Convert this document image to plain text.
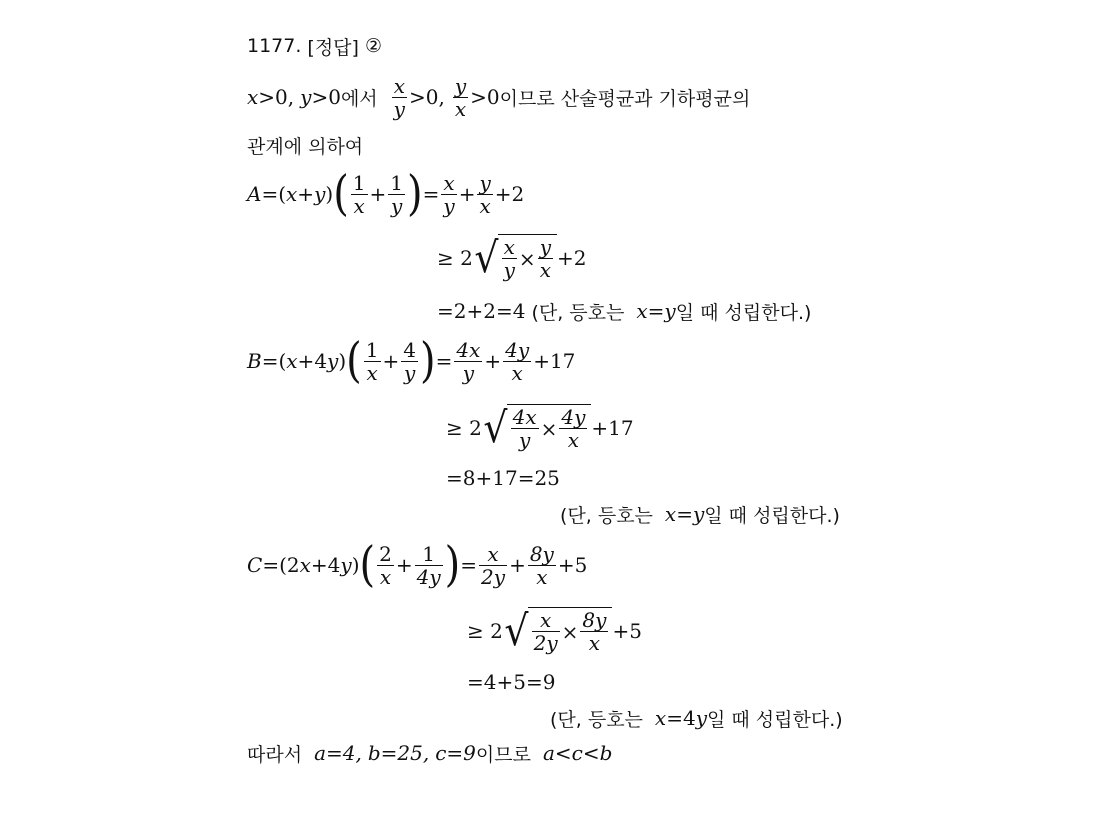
1177. [정답] ②
x > 0, y > 0 에서 $\frac{x}{y} > 0$, $\frac{y}{x} > 0$ 이므로 산술평균과 기하평균의
관계에 의하여
A =( x + y ) ( $\frac{1}{x} + \frac{1}{y}$ ) = $\frac{x}{y} + \frac{y}{x} +2$
≥ 2 √ $\frac{x}{y} \times \frac{y}{x} +2$
=2+2=4 (단, 등호는 x = y 일 때 성립한다.)
B =( x + 4 y ) ( $\frac{1}{x} + \frac{4}{y}$ ) = $\frac{4x}{y} + \frac{4y}{x} +17$
≥ 2 √ $\frac{4x}{y} \times \frac{4y}{x} +17$
=8+17=25
(단, 등호는 x = y 일 때 성립한다.)
C =( 2 x + 4 y ) ( $\frac{2}{x} + \frac{1}{4y}$ ) = $\frac{x}{2y} + \frac{8y}{x} +5$
≥ 2 √ $\frac{x}{2y} \times \frac{8y}{x} +5$
=4+5=9
(단, 등호는 x = 4 y 일 때 성립한다.)
따라서 a=4, b=25, c=9 이므로 a<c<b
